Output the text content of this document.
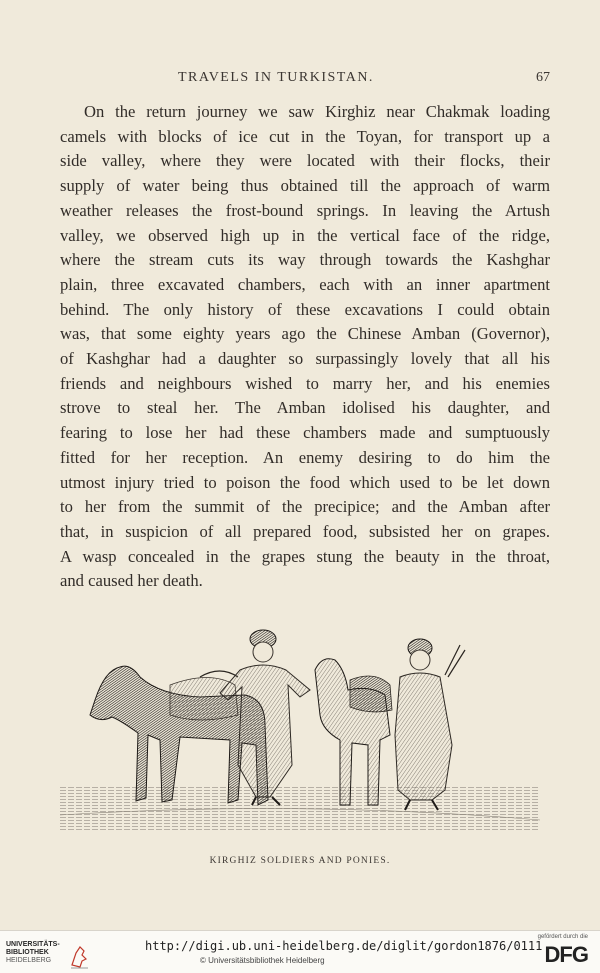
TRAVELS IN TURKISTAN.	67
On the return journey we saw Kirghiz near Chakmak loading
camels with blocks of ice cut in the Toyan, for transport up a
side valley, where they were located with their flocks, their
supply of water being thus obtained till the approach of warm
weather releases the frost-bound springs. In leaving the Artush
valley, we observed high up in the vertical face of the ridge,
where the stream cuts its way through towards the Kashghar
plain, three excavated chambers, each with an inner apartment
behind. The only history of these excavations I could obtain
was, that some eighty years ago the Chinese Amban (Governor),
of Kashghar had a daughter so surpassingly lovely that all his
friends and neighbours wished to marry her, and his enemies
strove to steal her. The Amban idolised his daughter, and
fearing to lose her had these chambers made and sumptuously
fitted for her reception. An enemy desiring to do him the
utmost injury tried to poison the food which used to be let down
to her from the summit of the precipice; and the Amban after
that, in suspicion of all prepared food, subsisted her on grapes.
A wasp concealed in the grapes stung the beauty in the throat,
and caused her death.
KIRGHIZ SOLDIERS AND PONIES.
UNIVERSITÄTS-
BIBLIOTHEK
HEIDELBERG
http://digi.ub.uni-heidelberg.de/diglit/gordon1876/0111
© Universitätsbibliothek Heidelberg
gefördert durch die
DFG
